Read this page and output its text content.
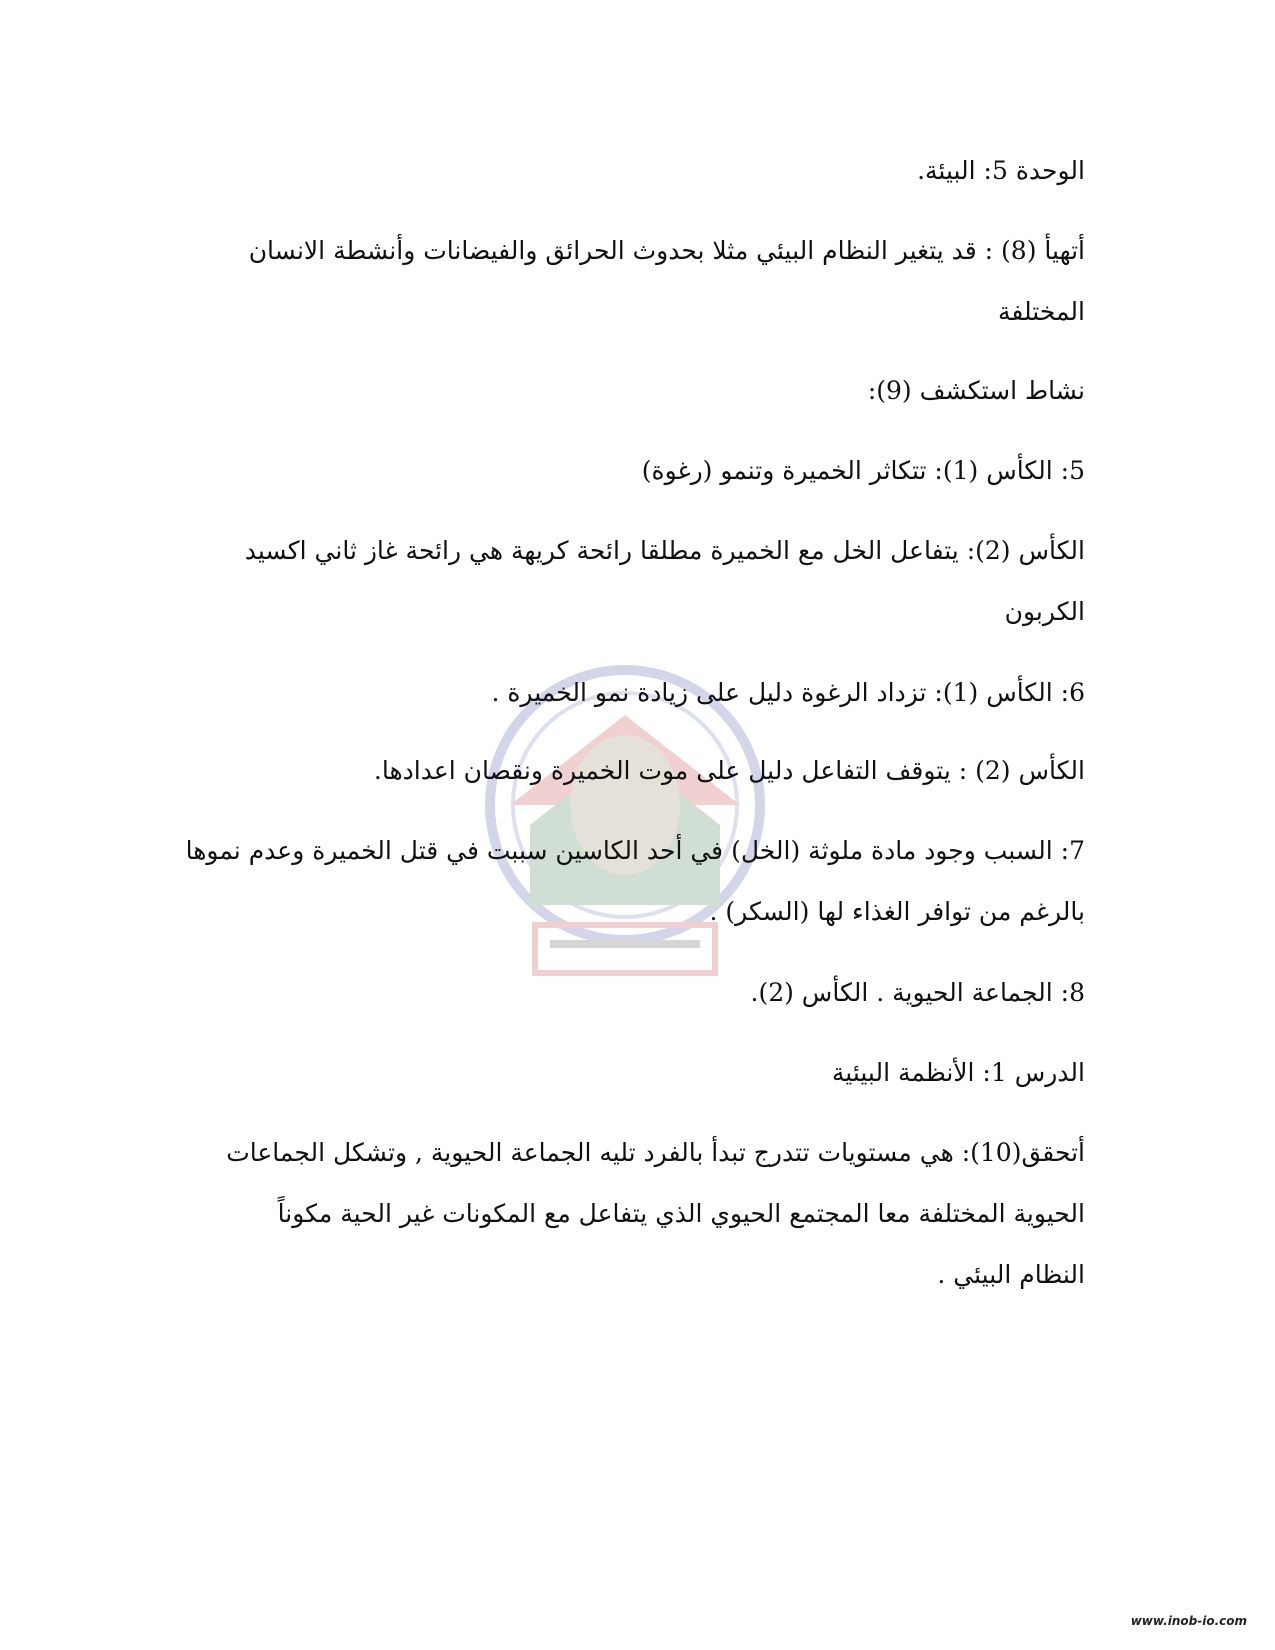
الوحدة 5: البيئة.

أتهيأ (8) : قد يتغير النظام البيئي مثلا بحدوث الحرائق والفيضانات وأنشطة الانسان

المختلفة

نشاط استكشف (9):

5: الكأس (1): تتكاثر الخميرة وتنمو (رغوة)

الكأس (2): يتفاعل الخل مع الخميرة مطلقا رائحة كريهة هي رائحة غاز ثاني اكسيد

الكربون

6: الكأس (1): تزداد الرغوة دليل على زيادة نمو الخميرة .

الكأس (2) : يتوقف التفاعل دليل على موت الخميرة ونقصان اعدادها.

7: السبب وجود مادة ملوثة (الخل) في أحد الكاسين سببت في قتل الخميرة وعدم نموها

بالرغم من توافر الغذاء لها (السكر) .

8: الجماعة الحيوية . الكأس (2).

الدرس 1: الأنظمة البيئية

أتحقق(10): هي مستويات تتدرج تبدأ بالفرد تليه الجماعة الحيوية , وتشكل الجماعات

الحيوية المختلفة معا المجتمع الحيوي الذي يتفاعل مع المكونات غير الحية مكوناً

النظام البيئي .

www.inob-io.com
